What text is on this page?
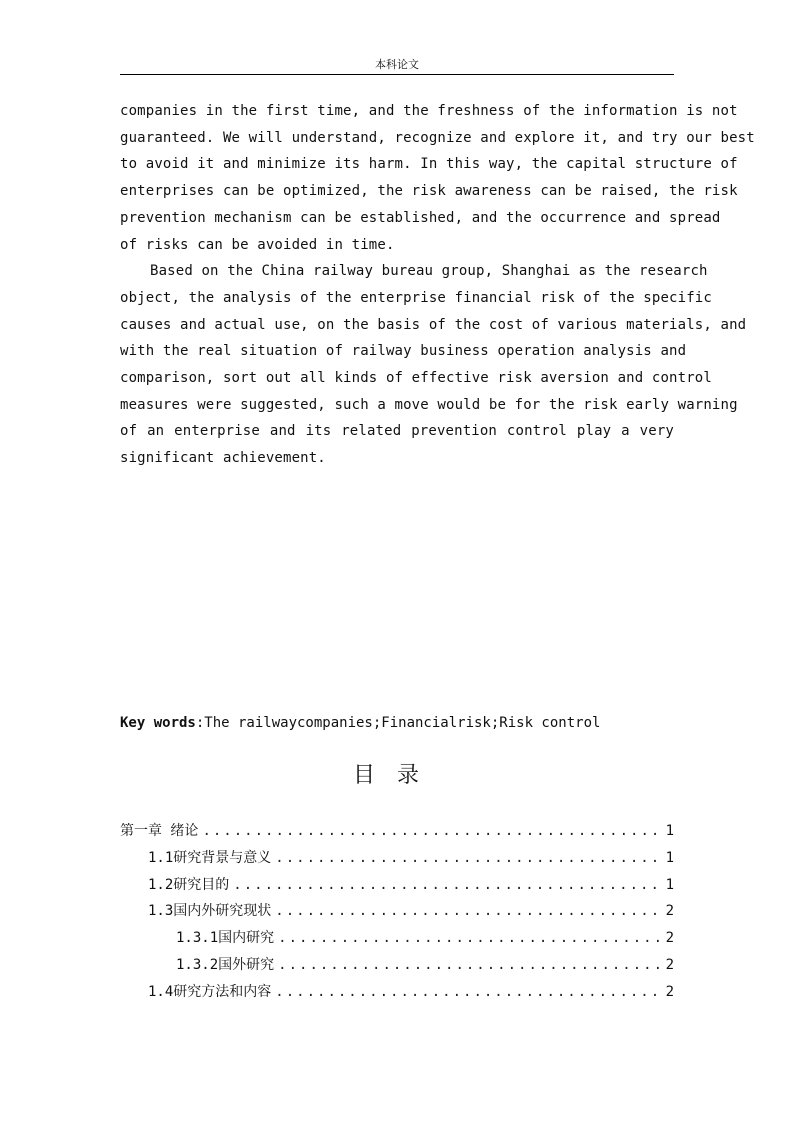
本科论文
companies in the first time, and the freshness of the information is not
guaranteed. We will understand, recognize and explore it, and try our best
to avoid it and minimize its harm. In this way, the capital structure of
enterprises can be optimized, the risk awareness can be raised, the risk
prevention mechanism can be established, and the occurrence and spread
of risks can be avoided in time.
Based on the China railway bureau group, Shanghai as the research
object, the analysis of the enterprise financial risk of the specific
causes and actual use, on the basis of the cost of various materials, and
with the real situation of railway business operation analysis and
comparison, sort out all kinds of effective risk aversion and control
measures were suggested, such a move would be for the risk early warning
of an enterprise and its related prevention control play a very
significant achievement.
Key words:The railwaycompanies;Financialrisk;Risk control
目录
第一章 绪论 .....	1
1.1研究背景与意义 .....	1
1.2研究目的 .....	1
1.3国内外研究现状 .....	2
1.3.1国内研究 .....	2
1.3.2国外研究 .....	2
1.4研究方法和内容 .....	2
